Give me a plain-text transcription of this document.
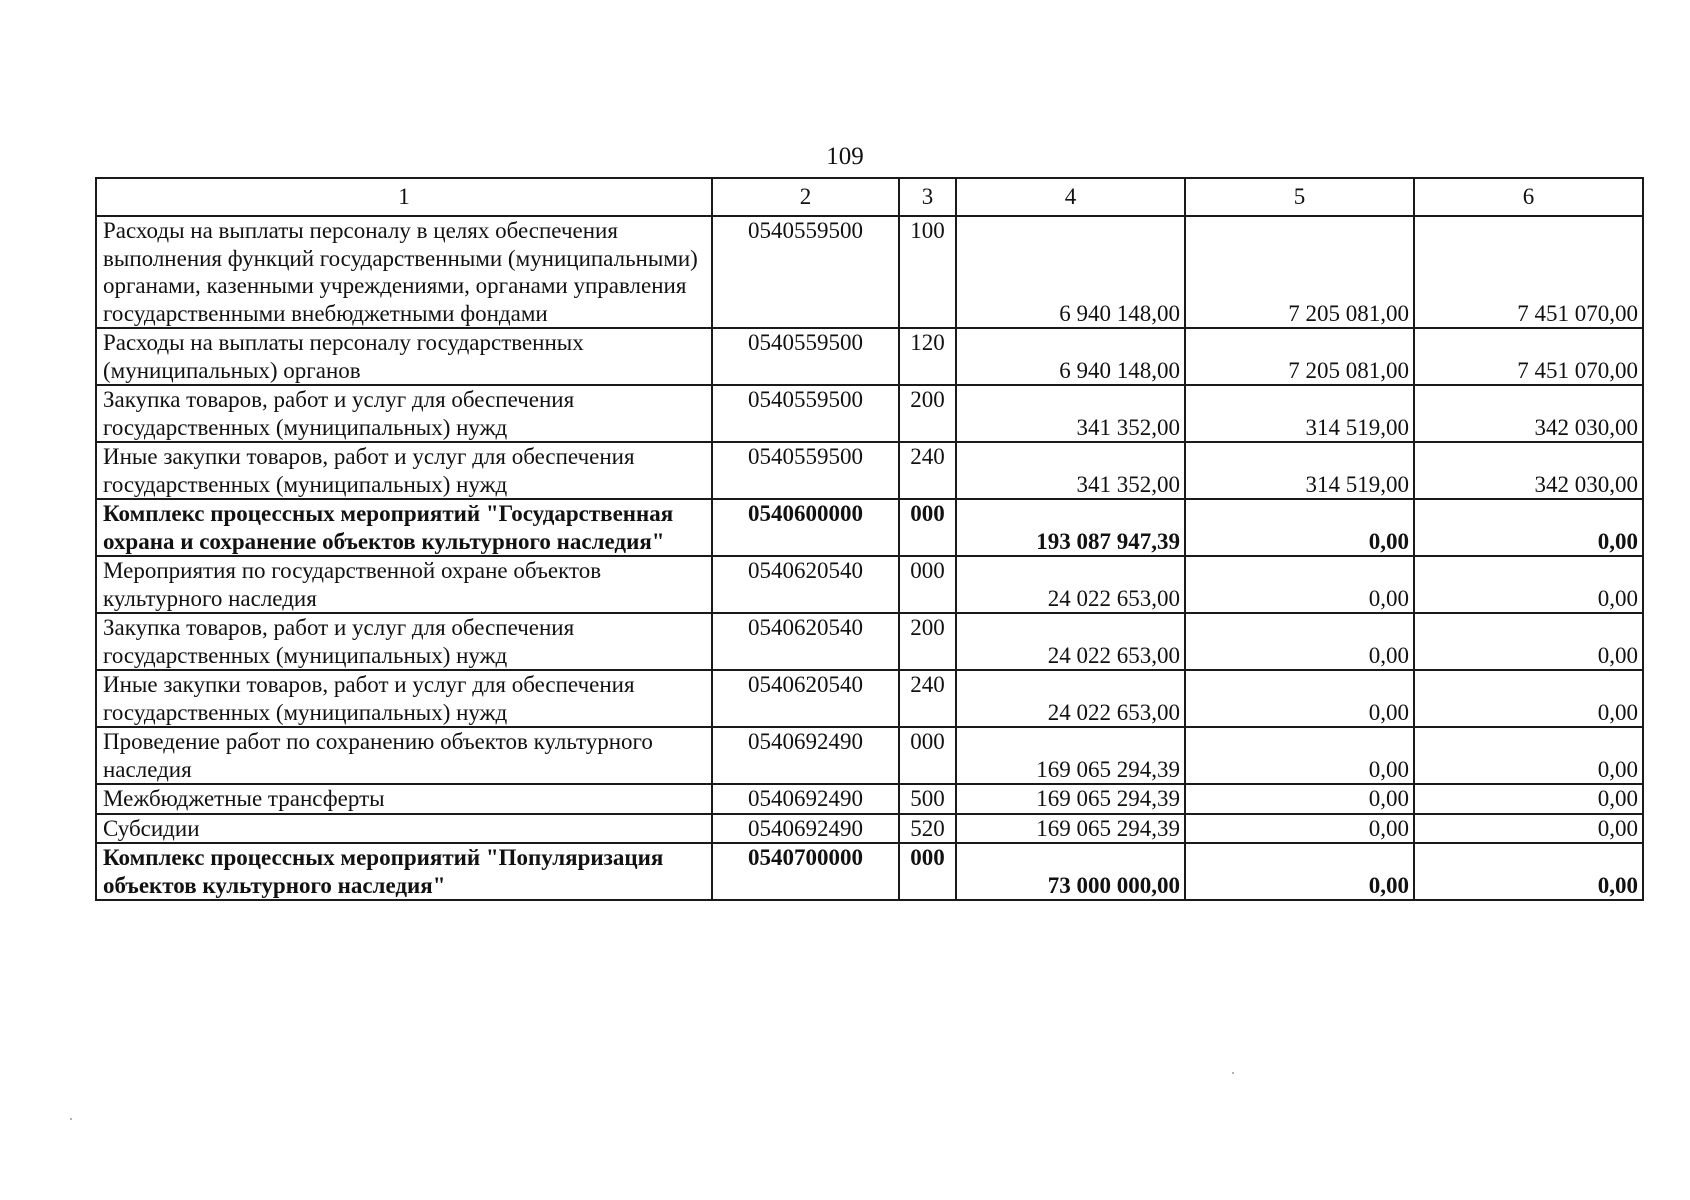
109
1	2	3	4	5	6
Расходы на выплаты персоналу в целях обеспечения выполнения функций государственными (муниципальными) органами, казенными учреждениями, органами управления государственными внебюджетными фондами	0540559500	100	6 940 148,00	7 205 081,00	7 451 070,00
Расходы на выплаты персоналу государственных (муниципальных) органов	0540559500	120	6 940 148,00	7 205 081,00	7 451 070,00
Закупка товаров, работ и услуг для обеспечения государственных (муниципальных) нужд	0540559500	200	341 352,00	314 519,00	342 030,00
Иные закупки товаров, работ и услуг для обеспечения государственных (муниципальных) нужд	0540559500	240	341 352,00	314 519,00	342 030,00
Комплекс процессных мероприятий "Государственная охрана и сохранение объектов культурного наследия"	0540600000	000	193 087 947,39	0,00	0,00
Мероприятия по государственной охране объектов культурного наследия	0540620540	000	24 022 653,00	0,00	0,00
Закупка товаров, работ и услуг для обеспечения государственных (муниципальных) нужд	0540620540	200	24 022 653,00	0,00	0,00
Иные закупки товаров, работ и услуг для обеспечения государственных (муниципальных) нужд	0540620540	240	24 022 653,00	0,00	0,00
Проведение работ по сохранению объектов культурного наследия	0540692490	000	169 065 294,39	0,00	0,00
Межбюджетные трансферты	0540692490	500	169 065 294,39	0,00	0,00
Субсидии	0540692490	520	169 065 294,39	0,00	0,00
Комплекс процессных мероприятий "Популяризация объектов культурного наследия"	0540700000	000	73 000 000,00	0,00	0,00
